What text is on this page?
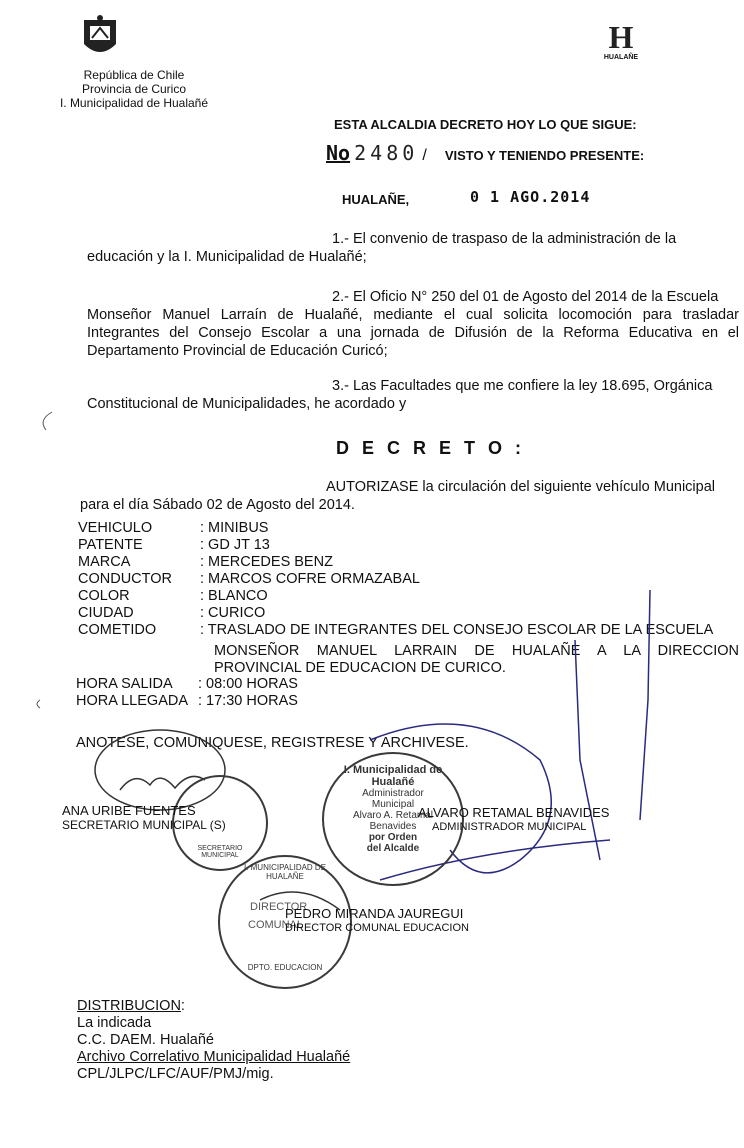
República de Chile
Provincia de Curico
I. Municipalidad de Hualañé
H
HUALAÑE
ESTA ALCALDIA DECRETO HOY LO QUE SIGUE:
No 2480 / VISTO Y TENIENDO PRESENTE:
HUALAÑE,	0 1 AGO.2014
1.- El convenio de traspaso de la administración de la
educación y la I. Municipalidad de Hualañé;
2.- El Oficio N° 250 del 01 de Agosto del 2014 de la Escuela
Monseñor Manuel Larraín de Hualañé, mediante el cual solicita locomoción para trasladar Integrantes del Consejo Escolar a una jornada de Difusión de la Reforma Educativa en el Departamento Provincial de Educación Curicó;
3.- Las Facultades que me confiere la ley 18.695, Orgánica
Constitucional de Municipalidades, he acordado y
D E C R E T O :
AUTORIZASE la circulación del siguiente vehículo Municipal
para el día Sábado 02 de Agosto del 2014.
VEHICULO	: MINIBUS
PATENTE	: GD JT 13
MARCA	: MERCEDES BENZ
CONDUCTOR : MARCOS COFRE ORMAZABAL
COLOR	: BLANCO
CIUDAD	: CURICO
COMETIDO	: TRASLADO DE INTEGRANTES DEL CONSEJO ESCOLAR DE LA ESCUELA
MONSEÑOR MANUEL LARRAIN DE HUALAÑE A LA DIRECCION
PROVINCIAL DE EDUCACION DE CURICO.
HORA SALIDA : 08:00 HORAS
HORA LLEGADA : 17:30 HORAS
ANOTESE, COMUNIQUESE, REGISTRESE Y ARCHIVESE.
SECRETARIO MUNICIPAL
I. Municipalidad de Hualañé
Administrador
Municipal
Alvaro A. Retamal
Benavides
por Orden
del Alcalde
I. MUNICIPALIDAD DE HUALAÑE
DIRECTOR
COMUNAL
DPTO. EDUCACION
ANA URIBE FUENTES
SECRETARIO MUNICIPAL (S)
ALVARO RETAMAL BENAVIDES
ADMINISTRADOR MUNICIPAL
PEDRO MIRANDA JAUREGUI
DIRECTOR COMUNAL EDUCACION
DISTRIBUCION:
La indicada
C.C. DAEM. Hualañé
Archivo Correlativo Municipalidad Hualañé
CPL/JLPC/LFC/AUF/PMJ/mig.
